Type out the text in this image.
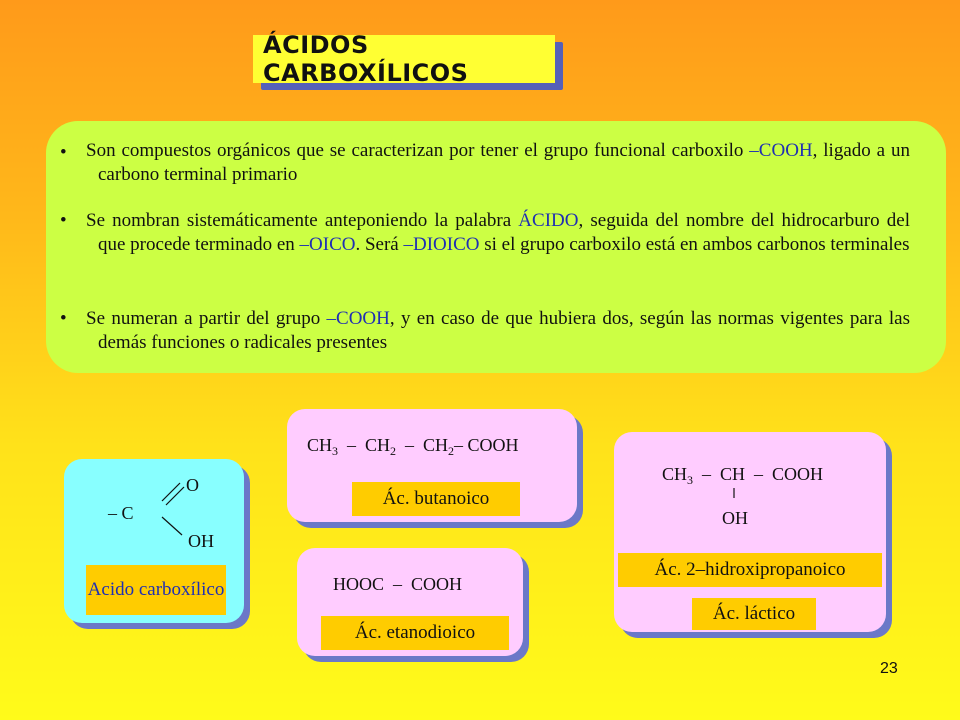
ÁCIDOS CARBOXÍLICOS
•	Son compuestos orgánicos que se caracterizan por tener el grupo funcional carboxilo –COOH, ligado a un carbono terminal primario
•	Se nombran sistemáticamente anteponiendo la palabra ÁCIDO, seguida del nombre del hidrocarburo del que procede terminado en –OICO. Será –DIOICO si el grupo carboxilo está en ambos carbonos terminales
•	Se numeran a partir del grupo –COOH, y en caso de que hubiera dos, según las normas vigentes para las demás funciones o radicales presentes
O
– C
OH
Acido carboxílico
$CH_3 - CH_2 - CH_2-$ COOH
Ác. butanoico
HOOC  –  COOH
Ác. etanodioico
$CH_3$  –  CH  –  COOH
OH
Ác. 2–hidroxipropanoico
Ác. láctico
23
